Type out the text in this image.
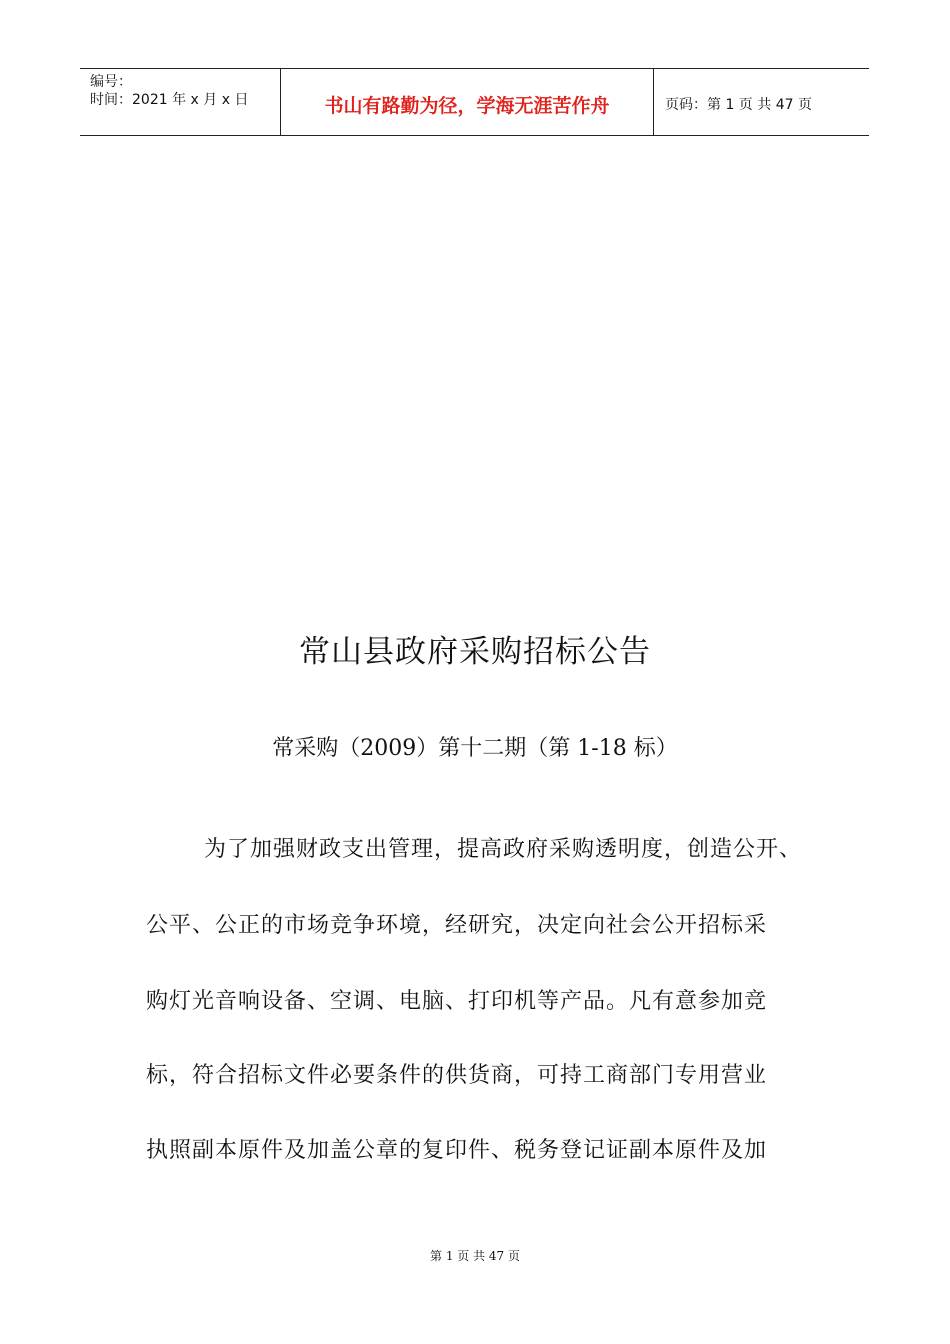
编号：
时间：2021 年 x 月 x 日	书山有路勤为径，学海无涯苦作舟	页码：第 1 页 共 47 页
常山县政府采购招标公告
常采购（2009）第十二期（第 1-18 标）
为了加强财政支出管理，提高政府采购透明度，创造公开、
公平、公正的市场竞争环境，经研究，决定向社会公开招标采
购灯光音响设备、空调、电脑、打印机等产品。凡有意参加竞
标，符合招标文件必要条件的供货商，可持工商部门专用营业
执照副本原件及加盖公章的复印件、税务登记证副本原件及加
第 1 页 共 47 页
